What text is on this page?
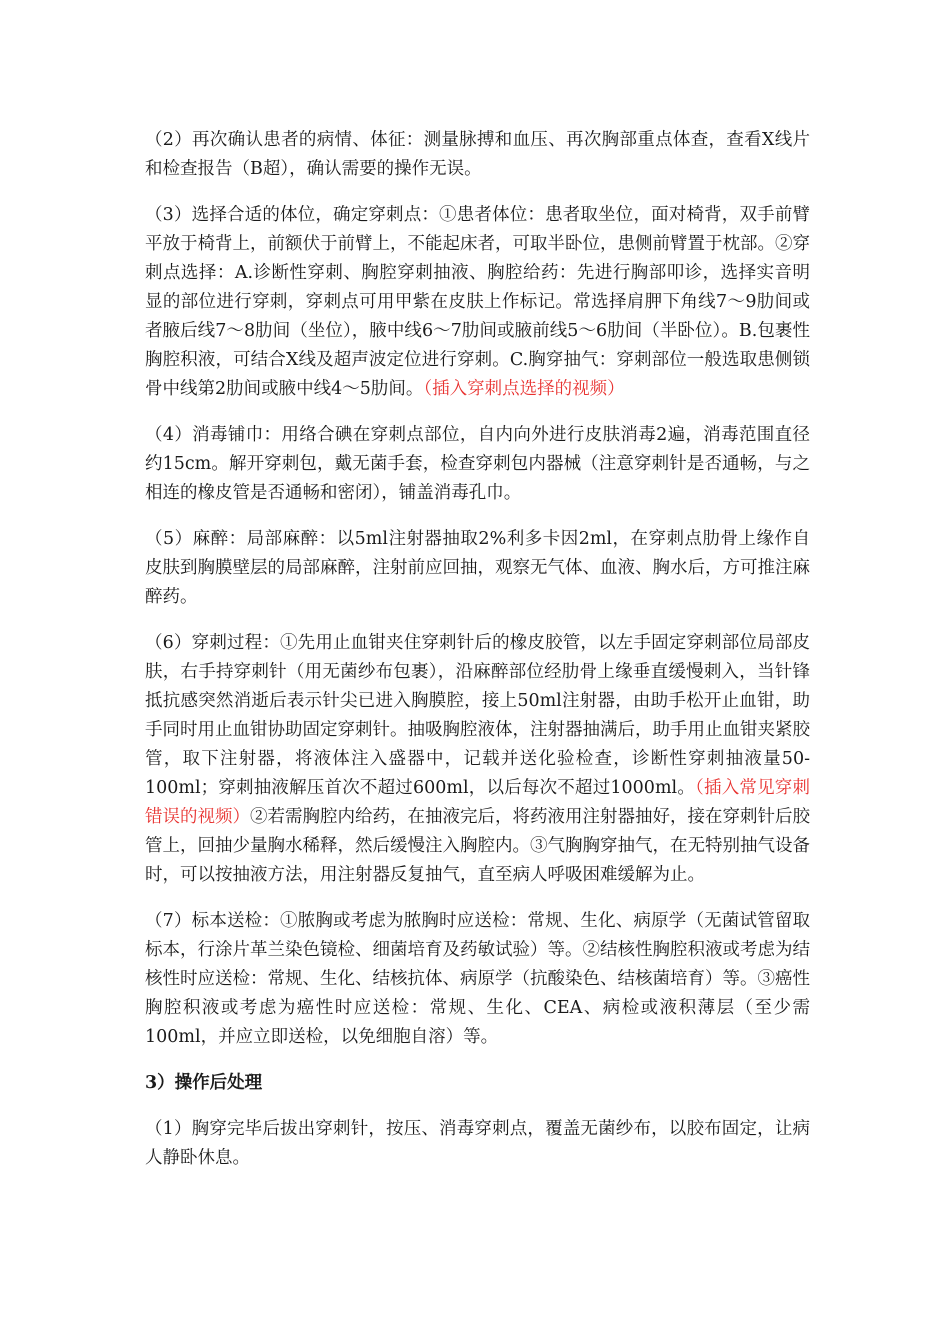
（2）再次确认患者的病情、体征：测量脉搏和血压、再次胸部重点体查，查看X线片和检查报告（B超），确认需要的操作无误。

（3）选择合适的体位，确定穿刺点：①患者体位：患者取坐位，面对椅背，双手前臂平放于椅背上，前额伏于前臂上，不能起床者，可取半卧位，患侧前臂置于枕部。②穿刺点选择：A.诊断性穿刺、胸腔穿刺抽液、胸腔给药：先进行胸部叩诊，选择实音明显的部位进行穿刺，穿刺点可用甲紫在皮肤上作标记。常选择肩胛下角线7～9肋间或者腋后线7～8肋间（坐位），腋中线6～7肋间或腋前线5～6肋间（半卧位）。B.包裹性胸腔积液，可结合X线及超声波定位进行穿刺。C.胸穿抽气：穿刺部位一般选取患侧锁骨中线第2肋间或腋中线4～5肋间。（插入穿刺点选择的视频）

（4）消毒铺巾：用络合碘在穿刺点部位，自内向外进行皮肤消毒2遍，消毒范围直径约15cm。解开穿刺包，戴无菌手套，检查穿刺包内器械（注意穿刺针是否通畅，与之相连的橡皮管是否通畅和密闭），铺盖消毒孔巾。

（5）麻醉：局部麻醉：以5ml注射器抽取2%利多卡因2ml，在穿刺点肋骨上缘作自皮肤到胸膜壁层的局部麻醉，注射前应回抽，观察无气体、血液、胸水后，方可推注麻醉药。

（6）穿刺过程：①先用止血钳夹住穿刺针后的橡皮胶管，以左手固定穿刺部位局部皮肤，右手持穿刺针（用无菌纱布包裹），沿麻醉部位经肋骨上缘垂直缓慢刺入，当针锋抵抗感突然消逝后表示针尖已进入胸膜腔，接上50ml注射器，由助手松开止血钳，助手同时用止血钳协助固定穿刺针。抽吸胸腔液体，注射器抽满后，助手用止血钳夹紧胶管，取下注射器，将液体注入盛器中，记载并送化验检查，诊断性穿刺抽液量50-100ml；穿刺抽液解压首次不超过600ml，以后每次不超过1000ml。（插入常见穿刺错误的视频）②若需胸腔内给药，在抽液完后，将药液用注射器抽好，接在穿刺针后胶管上，回抽少量胸水稀释，然后缓慢注入胸腔内。③气胸胸穿抽气，在无特别抽气设备时，可以按抽液方法，用注射器反复抽气，直至病人呼吸困难缓解为止。

（7）标本送检：①脓胸或考虑为脓胸时应送检：常规、生化、病原学（无菌试管留取标本，行涂片革兰染色镜检、细菌培育及药敏试验）等。②结核性胸腔积液或考虑为结核性时应送检：常规、生化、结核抗体、病原学（抗酸染色、结核菌培育）等。③癌性胸腔积液或考虑为癌性时应送检：常规、生化、CEA、病检或液积薄层（至少需100ml，并应立即送检，以免细胞自溶）等。

3）操作后处理

（1）胸穿完毕后拔出穿刺针，按压、消毒穿刺点，覆盖无菌纱布，以胶布固定，让病人静卧休息。
